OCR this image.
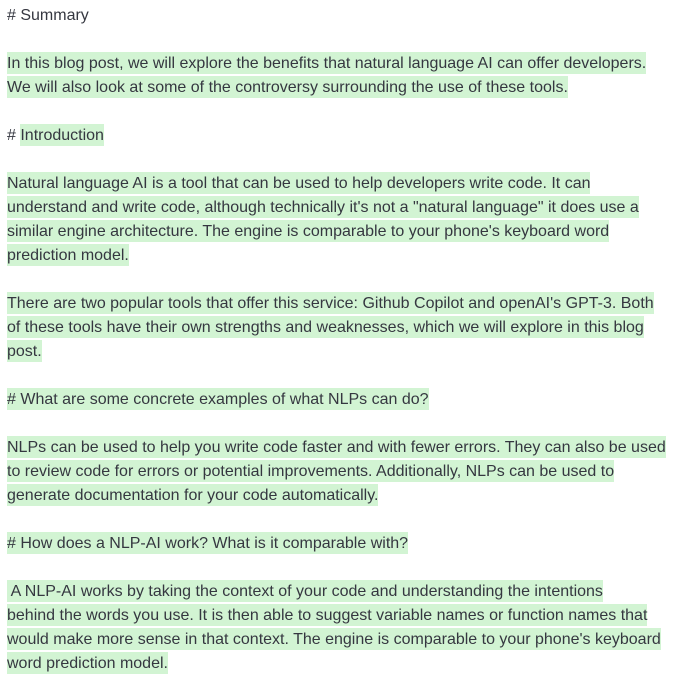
# Summary
In this blog post, we will explore the benefits that natural language AI can offer developers.
We will also look at some of the controversy surrounding the use of these tools.
# Introduction
Natural language AI is a tool that can be used to help developers write code. It can
understand and write code, although technically it's not a "natural language" it does use a
similar engine architecture. The engine is comparable to your phone's keyboard word
prediction model.
There are two popular tools that offer this service: Github Copilot and openAI's GPT-3. Both
of these tools have their own strengths and weaknesses, which we will explore in this blog
post.
# What are some concrete examples of what NLPs can do?
NLPs can be used to help you write code faster and with fewer errors. They can also be used
to review code for errors or potential improvements. Additionally, NLPs can be used to
generate documentation for your code automatically.
# How does a NLP-AI work? What is it comparable with?
A NLP-AI works by taking the context of your code and understanding the intentions
behind the words you use. It is then able to suggest variable names or function names that
would make more sense in that context. The engine is comparable to your phone's keyboard
word prediction model.
